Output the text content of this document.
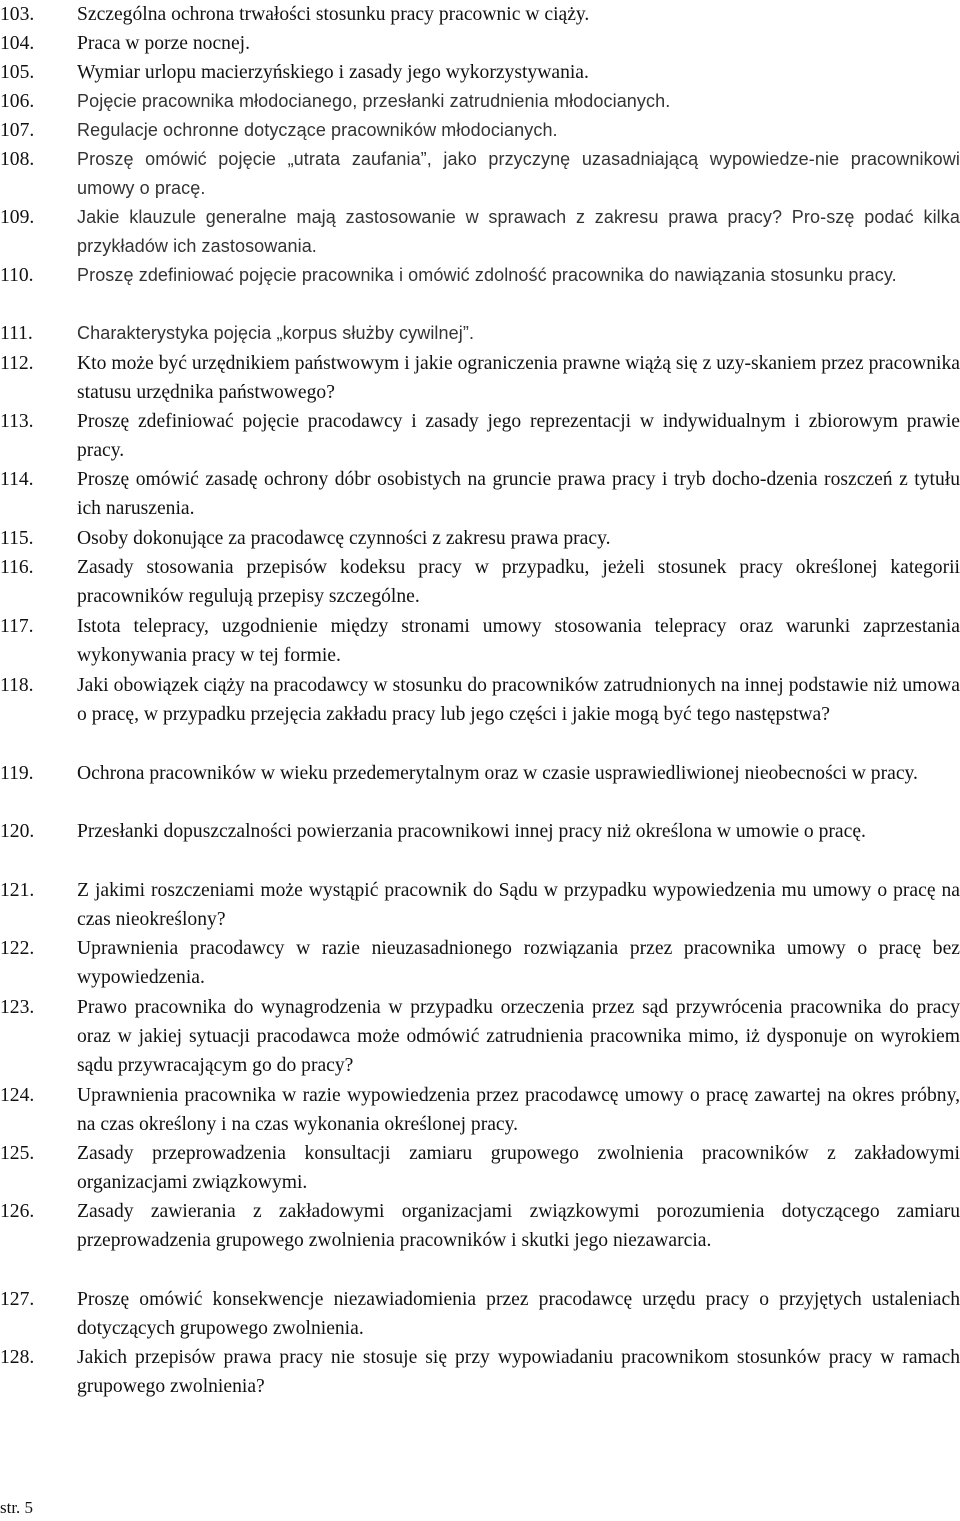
103.	Szczególna ochrona trwałości stosunku pracy pracownic w ciąży.
104.	Praca w porze nocnej.
105.	Wymiar urlopu macierzyńskiego i zasady jego wykorzystywania.
106.	Pojęcie pracownika młodocianego, przesłanki zatrudnienia młodocianych.
107.	Regulacje ochronne dotyczące pracowników młodocianych.
108.	Proszę omówić pojęcie „utrata zaufania”, jako przyczynę uzasadniającą wypowiedze-nie pracownikowi umowy o pracę.
109.	Jakie klauzule generalne mają zastosowanie w sprawach z zakresu prawa pracy? Pro-szę podać kilka przykładów ich zastosowania.
110.	Proszę zdefiniować pojęcie pracownika i omówić zdolność pracownika do nawiązania stosunku pracy.
111.	Charakterystyka pojęcia „korpus służby cywilnej”.
112.	Kto może być urzędnikiem państwowym i jakie ograniczenia prawne wiążą się z uzy-skaniem przez pracownika statusu urzędnika państwowego?
113.	Proszę zdefiniować pojęcie pracodawcy i zasady jego reprezentacji w indywidualnym i zbiorowym prawie pracy.
114.	Proszę omówić zasadę ochrony dóbr osobistych na gruncie prawa pracy i tryb docho-dzenia roszczeń z tytułu ich naruszenia.
115.	Osoby dokonujące za pracodawcę czynności z zakresu prawa pracy.
116.	Zasady stosowania przepisów kodeksu pracy w przypadku, jeżeli stosunek pracy określonej kategorii pracowników regulują przepisy szczególne.
117.	Istota telepracy, uzgodnienie między stronami umowy stosowania telepracy oraz warunki zaprzestania wykonywania pracy w tej formie.
118.	Jaki obowiązek ciąży na pracodawcy w stosunku do pracowników zatrudnionych na innej podstawie niż umowa o pracę, w przypadku przejęcia zakładu pracy lub jego części i jakie mogą być tego następstwa?
119.	Ochrona pracowników w wieku przedemerytalnym oraz w czasie usprawiedliwionej nieobecności w pracy.
120.	Przesłanki dopuszczalności powierzania pracownikowi innej pracy niż określona w umowie o pracę.
121.	Z jakimi roszczeniami może wystąpić pracownik do Sądu w przypadku wypowiedzenia mu umowy o pracę na czas nieokreślony?
122.	Uprawnienia pracodawcy w razie nieuzasadnionego rozwiązania przez pracownika umowy o pracę bez wypowiedzenia.
123.	Prawo pracownika do wynagrodzenia w przypadku orzeczenia przez sąd przywrócenia pracownika do pracy oraz w jakiej sytuacji pracodawca może odmówić zatrudnienia pracownika mimo, iż dysponuje on wyrokiem sądu przywracającym go do pracy?
124.	Uprawnienia pracownika w razie wypowiedzenia przez pracodawcę umowy o pracę zawartej na okres próbny, na czas określony i na czas wykonania określonej pracy.
125.	Zasady przeprowadzenia konsultacji zamiaru grupowego zwolnienia pracowników z zakładowymi organizacjami związkowymi.
126.	Zasady zawierania z zakładowymi organizacjami związkowymi porozumienia dotyczącego zamiaru przeprowadzenia grupowego zwolnienia pracowników i skutki jego niezawarcia.
127.	Proszę omówić konsekwencje niezawiadomienia przez pracodawcę urzędu pracy o przyjętych ustaleniach dotyczących grupowego zwolnienia.
128.	Jakich przepisów prawa pracy nie stosuje się przy wypowiadaniu pracownikom stosunków pracy w ramach grupowego zwolnienia?
str. 5
